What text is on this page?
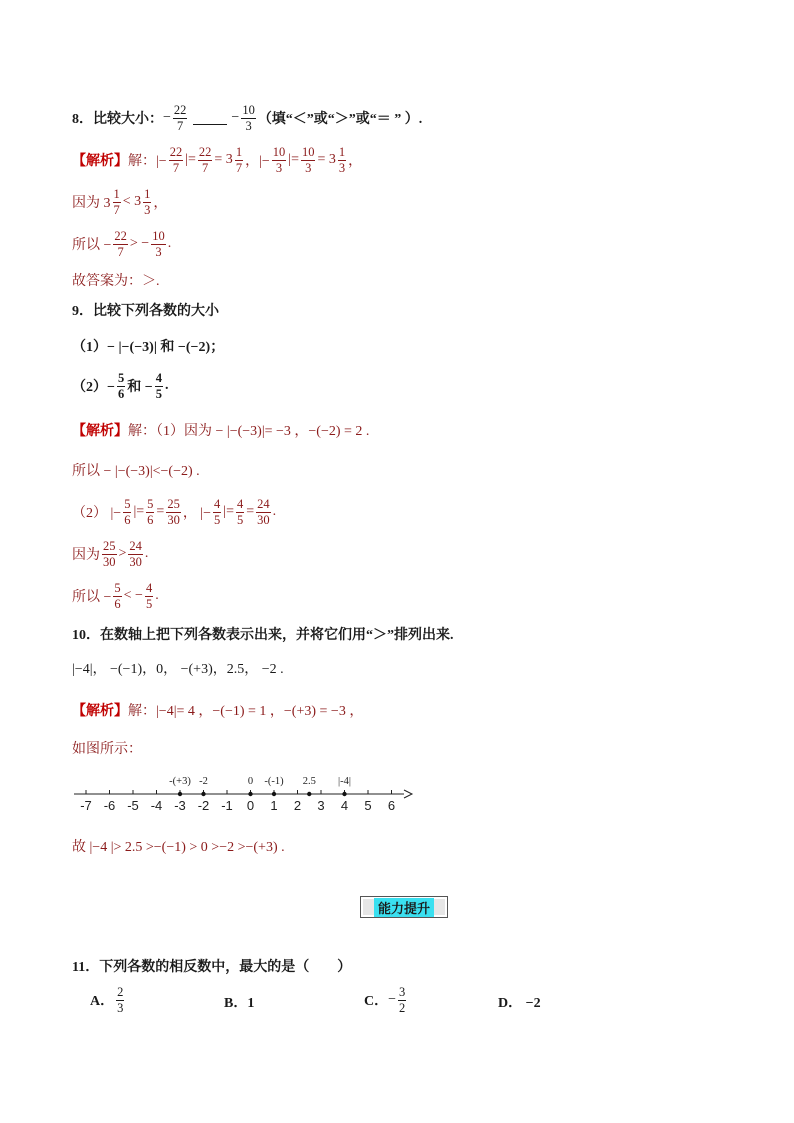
8．比较大小： − $\frac{22}{7}$	− $\frac{10}{3}$ （填“＜”或“＞”或“＝ ” ）.
【解析】 解：|− $\frac{22}{7}$ |= $\frac{22}{7} = 3 \frac{1}{7}$ ，|− $\frac{10}{3}$ |= $\frac{10}{3} = 3 \frac{1}{3}$ ，
因为 $3 \frac{1}{7} < 3 \frac{1}{3}$ ，
所以 − $\frac{22}{7}$ > − $\frac{10}{3}$ .
故答案为：＞.
9．比较下列各数的大小
（1）− |−(−3)| 和 −(−2)；
$(2)- \frac{5}{6}$ 和 − $\frac{4}{5}$ .
【解析】 解：（1）因为 − |−(−3)|= −3 ，−(−2) = 2 .
所以 − |−(−3)|<−(−2) .
（2） |− $\frac{5}{6}$ |= $\frac{5}{6} = \frac{25}{30}$ ， |− $\frac{4}{5}$ |= $\frac{4}{5} = \frac{24}{30}$ .
因为 $\frac{25}{30} > \frac{24}{30}$ .
所以 − $\frac{5}{6}$ < − $\frac{4}{5}$ .
10．在数轴上把下列各数表示出来，并将它们用“＞”排列出来.
|−4|， −(−1)，0， −(+3)，2.5， −2 .
【解析】 解：|−4|= 4 ，−(−1) = 1 ，−(+3) = −3 ，
如图所示：
-7 -6 -5 -4 -3 -2 -1 0 1 2 3 4 5 6
-(+3) -2	0 -(-1) 2.5 |-4|
故 |−4 |> 2.5 >−(−1) > 0 >−2 >−(+3) .
能力提升
11．下列各数的相反数中，最大的是（　　）
A． $\frac{2}{3}$	B．1	C． − $\frac{3}{2}$	D． −2
